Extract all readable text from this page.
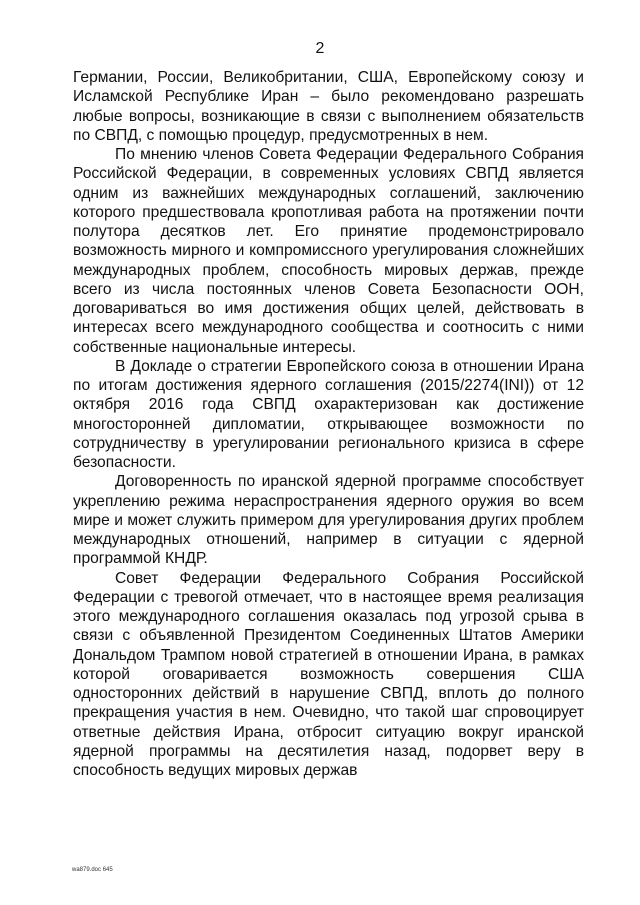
2

Германии, России, Великобритании, США, Европейскому союзу и Исламской Республике Иран – было рекомендовано разрешать любые вопросы, возникающие в связи с выполнением обязательств по СВПД, с помощью процедур, предусмотренных в нем.

По мнению членов Совета Федерации Федерального Собрания Российской Федерации, в современных условиях СВПД является одним из важнейших международных соглашений, заключению которого предшествовала кропотливая работа на протяжении почти полутора десятков лет. Его принятие продемонстрировало возможность мирного и компромиссного урегулирования сложнейших международных проблем, способность мировых держав, прежде всего из числа постоянных членов Совета Безопасности ООН, договариваться во имя достижения общих целей, действовать в интересах всего международного сообщества и соотносить с ними собственные национальные интересы.

В Докладе о стратегии Европейского союза в отношении Ирана по итогам достижения ядерного соглашения (2015/2274(INI)) от 12 октября 2016 года СВПД охарактеризован как достижение многосторонней дипломатии, открывающее возможности по сотрудничеству в урегулировании регионального кризиса в сфере безопасности.

Договоренность по иранской ядерной программе способствует укреплению режима нераспространения ядерного оружия во всем мире и может служить примером для урегулирования других проблем международных отношений, например в ситуации с ядерной программой КНДР.

Совет Федерации Федерального Собрания Российской Федерации с тревогой отмечает, что в настоящее время реализация этого международного соглашения оказалась под угрозой срыва в связи с объявленной Президентом Соединенных Штатов Америки Дональдом Трампом новой стратегией в отношении Ирана, в рамках которой оговаривается возможность совершения США односторонних действий в нарушение СВПД, вплоть до полного прекращения участия в нем. Очевидно, что такой шаг спровоцирует ответные действия Ирана, отбросит ситуацию вокруг иранской ядерной программы на десятилетия назад, подорвет веру в способность ведущих мировых держав

wa879.doc 645
